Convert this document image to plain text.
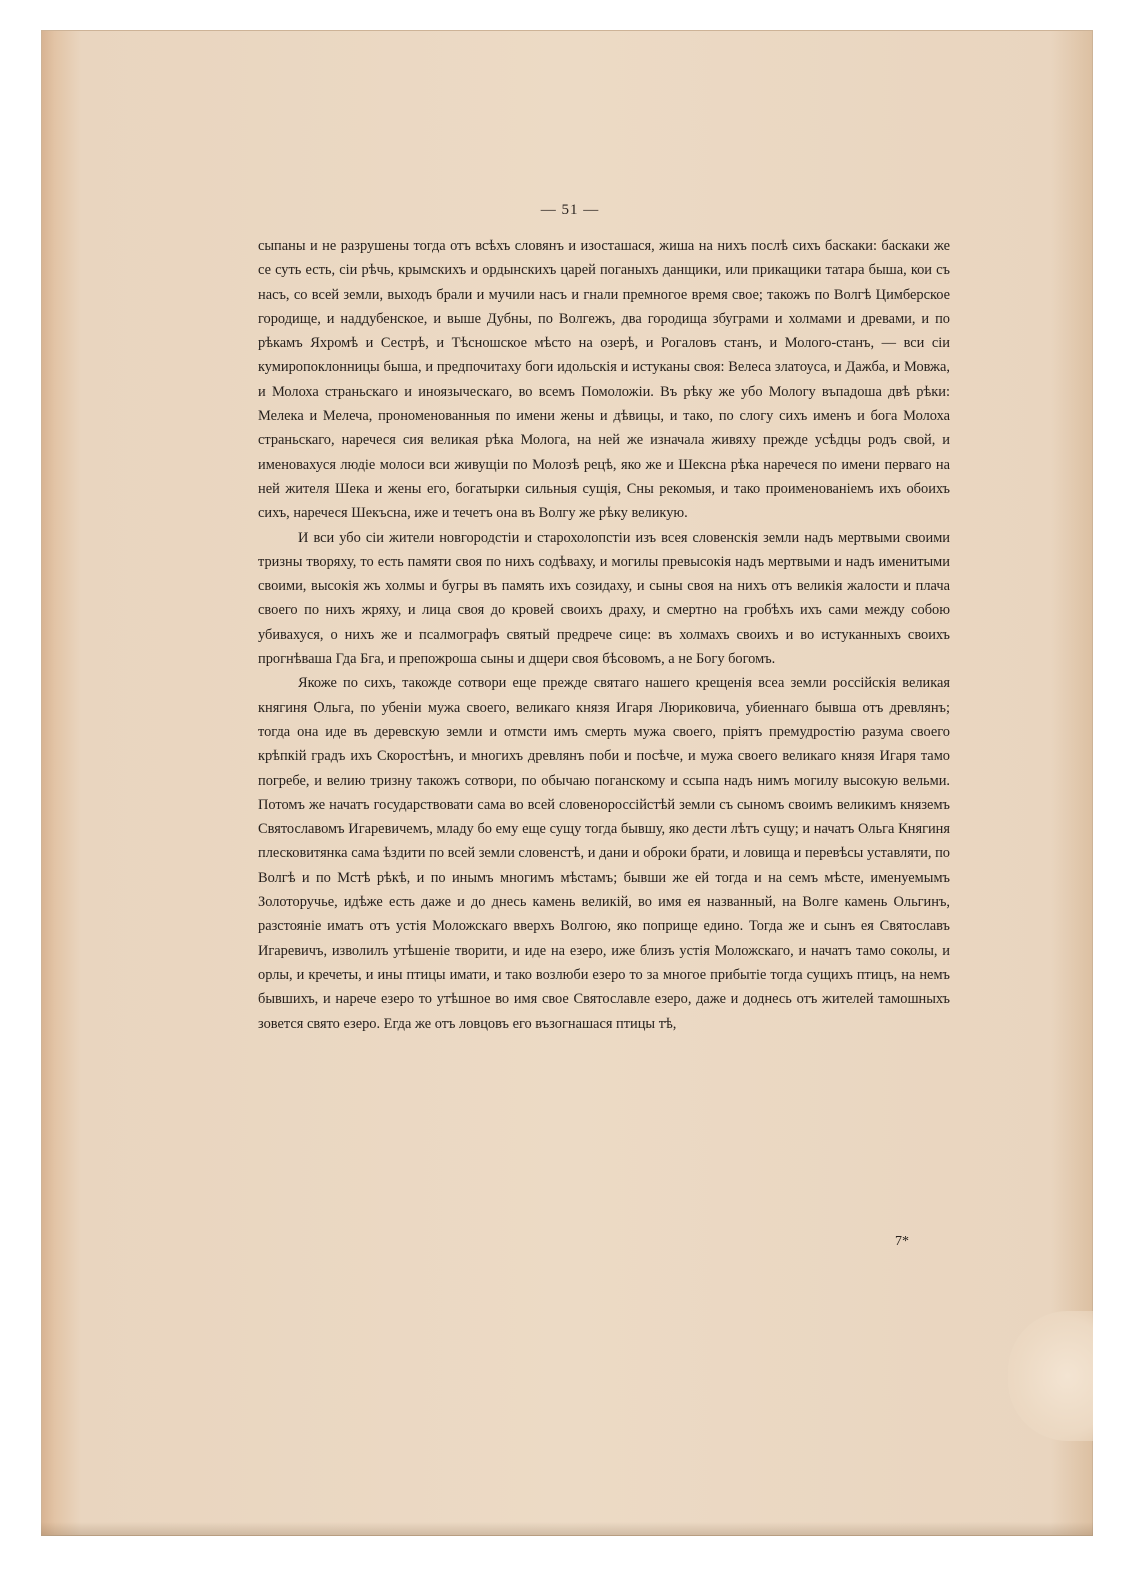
— 51 —

сыпаны и не разрушены тогда отъ всѣхъ словянъ и изосташася, жиша на нихъ послѣ сихъ баскаки: баскаки же се суть есть, сіи рѣчь, крымскихъ и ордынскихъ царей поганыхъ данщики, или прикащики татара быша, кои съ насъ, со всей земли, выходъ брали и мучили насъ и гнали премногое время свое; такожъ по Волгѣ Цимберское городище, и наддубенское, и выше Дубны, по Волгежъ, два городища збуграми и холмами и древами, и по рѣкамъ Яхромѣ и Сестрѣ, и Тѣсношское мѣсто на озерѣ, и Рогаловъ станъ, и Молого-станъ, — вси сіи кумиропоклонницы быша, и предпочитаху боги идольскія и истуканы своя: Велеса златоуса, и Дажба, и Мовжа, и Молоха страньскаго и иноязыческаго, во всемъ Помоложіи. Въ рѣку же убо Мологу въпадоша двѣ рѣки: Мелека и Мелеча, прономенованныя по имени жены и дѣвицы, и тако, по слогу сихъ именъ и бога Молоха страньскаго, наречеся сия великая рѣка Молога, на ней же изначала живяху прежде усѣдцы родъ свой, и именовахуся людіе молоси вси живущіи по Молозѣ рецѣ, яко же и Шексна рѣка наречеся по имени перваго на ней жителя Шека и жены его, богатырки сильныя сущія, Сны рекомыя, и тако проименованіемъ ихъ обоихъ сихъ, наречеся Шекъсна, иже и течетъ она въ Волгу же рѣку великую.

И вси убо сіи жители новгородстіи и старохолопстіи изъ всея словенскія земли надъ мертвыми своими тризны творяху, то есть памяти своя по нихъ содѣваху, и могилы превысокія надъ мертвыми и надъ именитыми своими, высокія жъ холмы и бугры въ память ихъ созидаху, и сыны своя на нихъ отъ великія жалости и плача своего по нихъ жряху, и лица своя до кровей своихъ драху, и смертно на гробѣхъ ихъ сами между собою убивахуся, о нихъ же и псалмографъ святый предрече сице: въ холмахъ своихъ и во истуканныхъ своихъ прогнѣваша Гда Бга, и препожроша сыны и дщери своя бѣсовомъ, а не Богу богомъ.

Якоже по сихъ, такожде сотвори еще прежде святаго нашего крещенія всеа земли россійскія великая княгиня Ѻльга, по убеніи мужа своего, великаго князя Игаря Люриковича, убиеннаго бывша отъ древлянъ; тогда она иде въ деревскую земли и отмсти имъ смерть мужа своего, пріятъ премудростію разума своего крѣпкій градъ ихъ Скоростѣнъ, и многихъ древлянъ поби и посѣче, и мужа своего великаго князя Игаря тамо погребе, и велию тризну такожъ сотвори, по обычаю поганскому и ссыпа надъ нимъ могилу высокую вельми. Потомъ же начатъ государствовати сама во всей словеноросcійстѣй земли съ сыномъ своимъ великимъ княземъ Святославомъ Игаревичемъ, младу бо ему еще сущу тогда бывшу, яко дести лѣтъ сущу; и начатъ Ольга Княгиня плесковитянка сама ѣздити по всей земли словенстѣ, и дани и оброки брати, и ловища и перевѣсы уставляти, по Волгѣ и по Мстѣ рѣкѣ, и по инымъ многимъ мѣстамъ; бывши же ей тогда и на семъ мѣсте, именуемымъ Золоторучье, идѣже есть даже и до днесь камень великій, во имя ея названный, на Волге камень Ольгинъ, разстояніе иматъ отъ устія Моложскаго вверхъ Волгою, яко поприще едино. Тогда же и сынъ ея Святославъ Игаревичъ, изволилъ утѣшеніе творити, и иде на езеро, иже близъ устія Моложскаго, и начатъ тамо соколы, и орлы, и кречеты, и ины птицы имати, и тако возлюби езеро то за многое прибытіе тогда сущихъ птицъ, на немъ бывшихъ, и нарече езеро то утѣшное во имя свое Святославле езеро, даже и доднесь отъ жителей тамошныхъ зовется свято езеро. Егда же отъ ловцовъ его възогнашася птицы тѣ,

7*
